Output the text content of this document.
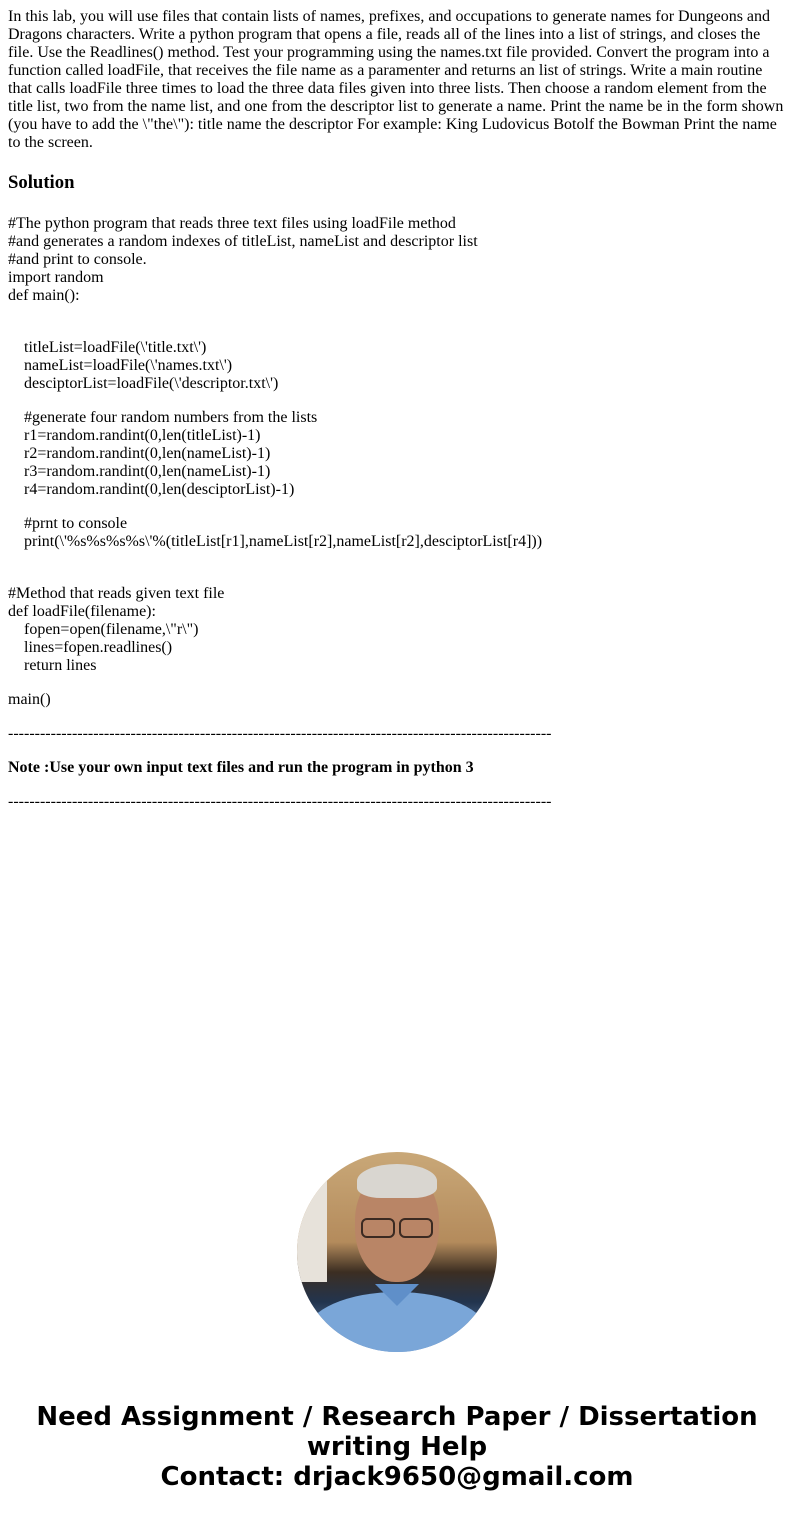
In this lab, you will use files that contain lists of names, prefixes, and occupations to generate names for Dungeons and Dragons characters. Write a python program that opens a file, reads all of the lines into a list of strings, and closes the file. Use the Readlines() method. Test your programming using the names.txt file provided. Convert the program into a function called loadFile, that receives the file name as a paramenter and returns an list of strings. Write a main routine that calls loadFile three times to load the three data files given into three lists. Then choose a random element from the title list, two from the name list, and one from the descriptor list to generate a name. Print the name be in the form shown (you have to add the \"the\"): title name the descriptor For example: King Ludovicus Botolf the Bowman Print the name to the screen.

Solution
#The python program that reads three text files using loadFile method
#and generates a random indexes of titleList, nameList and descriptor list
#and print to console.
import random
def main():
titleList=loadFile(\'title.txt\')
nameList=loadFile(\'names.txt\')
desciptorList=loadFile(\'descriptor.txt\')
#generate four random numbers from the lists
r1=random.randint(0,len(titleList)-1)
r2=random.randint(0,len(nameList)-1)
r3=random.randint(0,len(nameList)-1)
r4=random.randint(0,len(desciptorList)-1)
#prnt to console
print(\'%s%s%s%s\'%(titleList[r1],nameList[r2],nameList[r2],desciptorList[r4]))
#Method that reads given text file
def loadFile(filename):
fopen=open(filename,\"r\")
lines=fopen.readlines()
return lines
main()
------------------------------------------------------------------------------------------------------
Note :Use your own input text files and run the program in python 3
------------------------------------------------------------------------------------------------------
Need Assignment / Research Paper / Dissertation
writing Help
Contact: drjack9650@gmail.com
